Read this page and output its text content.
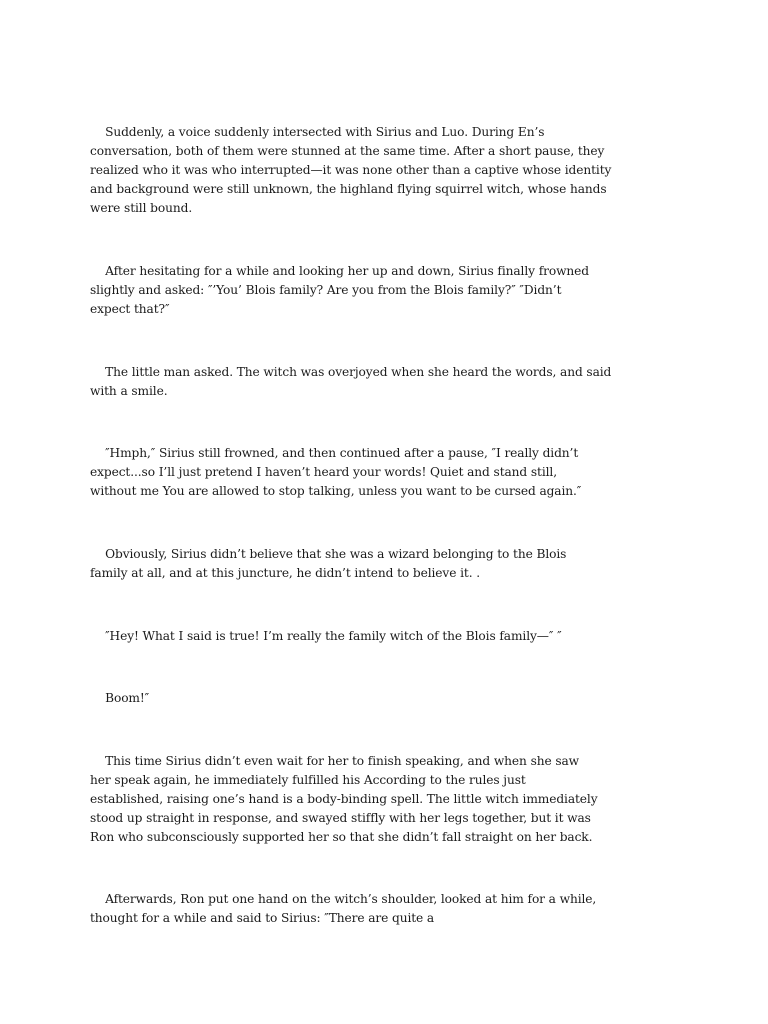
Suddenly, a voice suddenly intersected with Sirius and Luo. During En’s
conversation, both of them were stunned at the same time. After a short pause, they
realized who it was who interrupted—it was none other than a captive whose identity
and background were still unknown, the highland flying squirrel witch, whose hands
were still bound.

After hesitating for a while and looking her up and down, Sirius finally frowned
slightly and asked: ″’You’ Blois family? Are you from the Blois family?″ ″Didn’t
expect that?″

The little man asked. The witch was overjoyed when she heard the words, and said
with a smile.

″Hmph,″ Sirius still frowned, and then continued after a pause, ″I really didn’t
expect...so I’ll just pretend I haven’t heard your words! Quiet and stand still,
without me You are allowed to stop talking, unless you want to be cursed again.″

Obviously, Sirius didn’t believe that she was a wizard belonging to the Blois
family at all, and at this juncture, he didn’t intend to believe it. .

″Hey! What I said is true! I’m really the family witch of the Blois family—″ ″

Boom!″

This time Sirius didn’t even wait for her to finish speaking, and when she saw
her speak again, he immediately fulfilled his According to the rules just
established, raising one’s hand is a body-binding spell. The little witch immediately
stood up straight in response, and swayed stiffly with her legs together, but it was
Ron who subconsciously supported her so that she didn’t fall straight on her back.

Afterwards, Ron put one hand on the witch’s shoulder, looked at him for a while,
thought for a while and said to Sirius: ″There are quite a
